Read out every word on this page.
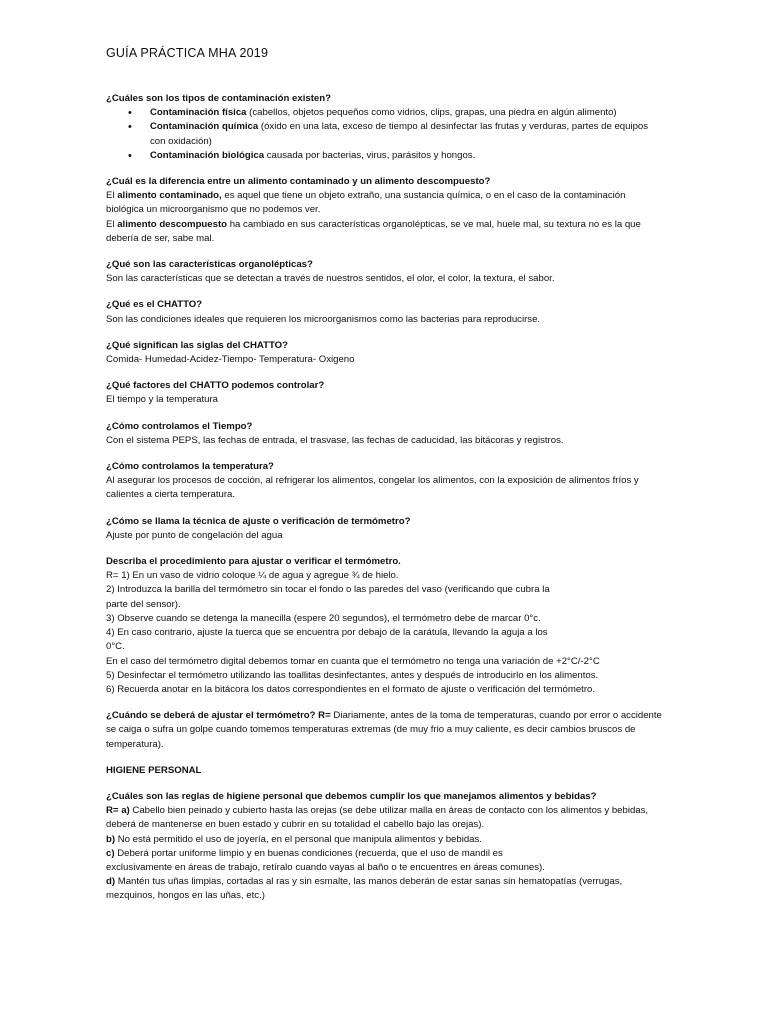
GUÍA PRÁCTICA MHA 2019
¿Cuáles son los tipos de contaminación existen?
• Contaminación física (cabellos, objetos pequeños como vidrios, clips, grapas, una piedra en algún alimento)
• Contaminación química (óxido en una lata, exceso de tiempo al desinfectar las frutas y verduras, partes de equipos con oxidación)
• Contaminación biológica causada por bacterias, virus, parásitos y hongos.
¿Cuál es la diferencia entre un alimento contaminado y un alimento descompuesto?
El alimento contaminado, es aquel que tiene un objeto extraño, una sustancia química, o en el caso de la contaminación biológica un microorganismo que no podemos ver.
El alimento descompuesto ha cambiado en sus características organolépticas, se ve mal, huele mal, su textura no es la que debería de ser, sabe mal.
¿Qué son las características organolépticas?
Son las características que se detectan a través de nuestros sentidos, el olor, el color, la textura, el sabor.
¿Qué es el CHATTO?
Son las condiciones ideales que requieren los microorganismos como las bacterias para reproducirse.
¿Qué significan las siglas del CHATTO?
Comida- Humedad-Acidez-Tiempo- Temperatura- Oxigeno
¿Qué factores del CHATTO podemos controlar?
El tiempo y la temperatura
¿Cómo controlamos el Tiempo?
Con el sistema PEPS, las fechas de entrada, el trasvase, las fechas de caducidad, las bitácoras y registros.
¿Cómo controlamos la temperatura?
Al asegurar los procesos de cocción, al refrigerar los alimentos, congelar los alimentos, con la exposición de alimentos fríos y calientes a cierta temperatura.
¿Cómo se llama la técnica de ajuste o verificación de termómetro?
Ajuste por punto de congelación del agua
Describa el procedimiento para ajustar o verificar el termómetro.
R= 1) En un vaso de vidrio coloque ¼ de agua y agregue ¾ de hielo.
2) Introduzca la barilla del termómetro sin tocar el fondo o las paredes del vaso (verificando que cubra la
parte del sensor).
3) Observe cuando se detenga la manecilla (espere 20 segundos), el termómetro debe de marcar 0°c.
4) En caso contrario, ajuste la tuerca que se encuentra por debajo de la carátula, llevando la aguja a los
0°C.
En el caso del termómetro digital debemos tomar en cuanta que el termómetro no tenga una variación de +2°C/-2°C
5) Desinfectar el termómetro utilizando las toallitas desinfectantes, antes y después de introducirlo en los alimentos.
6) Recuerda anotar en la bitácora los datos correspondientes en el formato de ajuste o verificación del termómetro.
¿Cuándo se deberá de ajustar el termómetro? R= Diariamente, antes de la toma de temperaturas, cuando por error o accidente se caiga o sufra un golpe cuando tomemos temperaturas extremas (de muy frio a muy caliente, es decir cambios bruscos de temperatura).
HIGIENE PERSONAL
¿Cuáles son las reglas de higiene personal que debemos cumplir los que manejamos alimentos y bebidas?
R= a) Cabello bien peinado y cubierto hasta las orejas (se debe utilizar malla en áreas de contacto con los alimentos y bebidas, deberá de mantenerse en buen estado y cubrir en su totalidad el cabello bajo las orejas).
b) No está permitido el uso de joyería, en el personal que manipula alimentos y bebidas.
c) Deberá portar uniforme limpio y en buenas condiciones (recuerda, que el uso de mandil es
exclusivamente en áreas de trabajo, retíralo cuando vayas al baño o te encuentres en áreas comunes).
d) Mantén tus uñas limpias, cortadas al ras y sin esmalte, las manos deberán de estar sanas sin hematopatías (verrugas, mezquinos, hongos en las uñas, etc.)
